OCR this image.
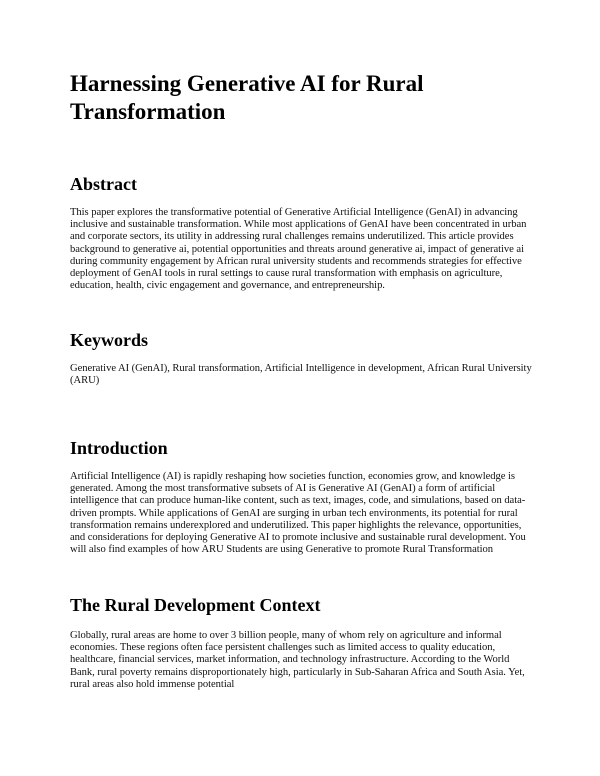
Harnessing Generative AI for Rural Transformation
Abstract

This paper explores the transformative potential of Generative Artificial Intelligence (GenAI) in advancing inclusive and sustainable transformation. While most applications of GenAI have been concentrated in urban and corporate sectors, its utility in addressing rural challenges remains underutilized. This article provides background to generative ai, potential opportunities and threats around generative ai, impact of generative ai during community engagement by African rural university students and recommends strategies for effective deployment of GenAI tools in rural settings to cause rural transformation with emphasis on agriculture, education, health, civic engagement and governance, and entrepreneurship.

Keywords

Generative AI (GenAI), Rural transformation, Artificial Intelligence in development, African Rural University (ARU)

Introduction

Artificial Intelligence (AI) is rapidly reshaping how societies function, economies grow, and knowledge is generated. Among the most transformative subsets of AI is Generative AI (GenAI) a form of artificial intelligence that can produce human-like content, such as text, images, code, and simulations, based on data-driven prompts. While applications of GenAI are surging in urban tech environments, its potential for rural transformation remains underexplored and underutilized. This paper highlights the relevance, opportunities, and considerations for deploying Generative AI to promote inclusive and sustainable rural development. You will also find examples of how ARU Students are using Generative to promote Rural Transformation

The Rural Development Context

Globally, rural areas are home to over 3 billion people, many of whom rely on agriculture and informal economies. These regions often face persistent challenges such as limited access to quality education, healthcare, financial services, market information, and technology infrastructure. According to the World Bank, rural poverty remains disproportionately high, particularly in Sub-Saharan Africa and South Asia. Yet, rural areas also hold immense potential
